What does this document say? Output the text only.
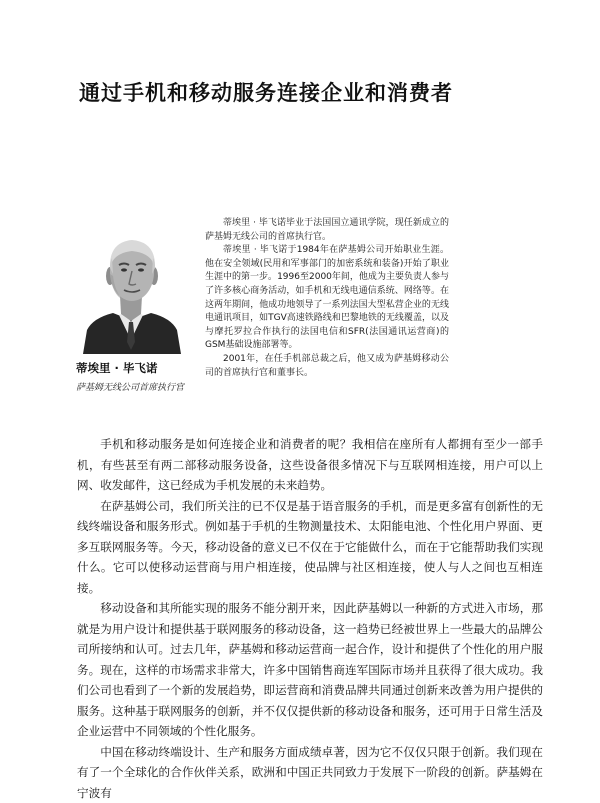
通过手机和移动服务连接企业和消费者
蒂埃里 · 毕飞诺
萨基姆无线公司首席执行官

蒂埃里 · 毕飞诺毕业于法国国立通讯学院，现任新成立的萨基姆无线公司的首席执行官。

蒂埃里 · 毕飞诺于1984年在萨基姆公司开始职业生涯。他在安全领域(民用和军事部门的加密系统和装备)开始了职业生涯中的第一步。1996至2000年间，他成为主要负责人参与了许多核心商务活动，如手机和无线电通信系统、网络等。在这两年期间，他成功地领导了一系列法国大型私营企业的无线电通讯项目，如TGV高速铁路线和巴黎地铁的无线覆盖，以及与摩托罗拉合作执行的法国电信和SFR(法国通讯运营商)的GSM基础设施部署等。

2001年，在任手机部总裁之后，他又成为萨基姆移动公司的首席执行官和董事长。

手机和移动服务是如何连接企业和消费者的呢？我相信在座所有人都拥有至少一部手机，有些甚至有两二部移动服务设备，这些设备很多情况下与互联网相连接，用户可以上网、收发邮件，这已经成为手机发展的未来趋势。

在萨基姆公司，我们所关注的已不仅是基于语音服务的手机，而是更多富有创新性的无线终端设备和服务形式。例如基于手机的生物测量技术、太阳能电池、个性化用户界面、更多互联网服务等。今天，移动设备的意义已不仅在于它能做什么，而在于它能帮助我们实现什么。它可以使移动运营商与用户相连接，使品牌与社区相连接，使人与人之间也互相连接。

移动设备和其所能实现的服务不能分割开来，因此萨基姆以一种新的方式进入市场，那就是为用户设计和提供基于联网服务的移动设备，这一趋势已经被世界上一些最大的品牌公司所接纳和认可。过去几年，萨基姆和移动运营商一起合作，设计和提供了个性化的用户服务。现在，这样的市场需求非常大，许多中国销售商连军国际市场并且获得了很大成功。我们公司也看到了一个新的发展趋势，即运营商和消费品牌共同通过创新来改善为用户提供的服务。这种基于联网服务的创新，并不仅仅提供新的移动设备和服务，还可用于日常生活及企业运营中不同领域的个性化服务。

中国在移动终端设计、生产和服务方面成绩卓著，因为它不仅仅只限于创新。我们现在有了一个全球化的合作伙伴关系，欧洲和中国正共同致力于发展下一阶段的创新。萨基姆在宁波有
